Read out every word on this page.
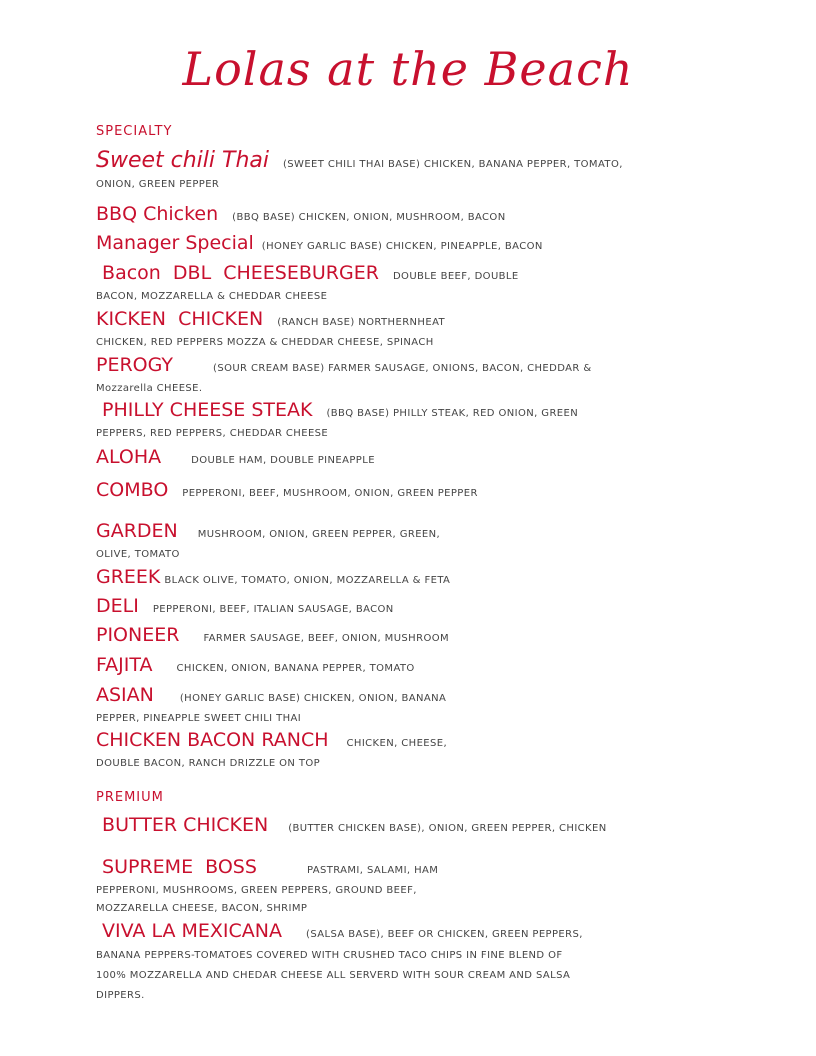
Lolas at the Beach
SPECIALTY
Sweet chili Thai (SWEET CHILI THAI BASE) CHICKEN, BANANA PEPPER, TOMATO,
ONION, GREEN PEPPER
BBQ Chicken (BBQ BASE) CHICKEN, ONION, MUSHROOM, BACON
Manager Special (HONEY GARLIC BASE) CHICKEN, PINEAPPLE, BACON
Bacon  DBL  CHEESEBURGER DOUBLE BEEF, DOUBLE
BACON, MOZZARELLA & CHEDDAR CHEESE
KICKEN  CHICKEN (RANCH BASE) NORTHERNHEAT
CHICKEN, RED PEPPERS MOZZA & CHEDDAR CHEESE, SPINACH
PEROGY	(SOUR CREAM BASE) FARMER SAUSAGE, ONIONS, BACON, CHEDDAR &
Mozzarella CHEESE.
PHILLY CHEESE STEAK (BBQ BASE) PHILLY STEAK, RED ONION, GREEN
PEPPERS, RED PEPPERS, CHEDDAR CHEESE
ALOHA	DOUBLE HAM, DOUBLE PINEAPPLE
COMBO PEPPERONI, BEEF, MUSHROOM, ONION, GREEN PEPPER
GARDEN MUSHROOM, ONION, GREEN PEPPER, GREEN,
OLIVE, TOMATO
GREEK BLACK OLIVE, TOMATO, ONION, MOZZARELLA & FETA
DELI PEPPERONI, BEEF, ITALIAN SAUSAGE, BACON
PIONEER FARMER SAUSAGE, BEEF, ONION, MUSHROOM
FAJITA CHICKEN, ONION, BANANA PEPPER, TOMATO
ASIAN	(HONEY GARLIC BASE) CHICKEN, ONION, BANANA
PEPPER, PINEAPPLE SWEET CHILI THAI
CHICKEN BACON RANCH CHICKEN, CHEESE,
DOUBLE BACON, RANCH DRIZZLE ON TOP
PREMIUM
BUTTER CHICKEN (BUTTER CHICKEN BASE), ONION, GREEN PEPPER, CHICKEN
SUPREME  BOSS	PASTRAMI, SALAMI, HAM
PEPPERONI, MUSHROOMS, GREEN PEPPERS, GROUND BEEF,
MOZZARELLA CHEESE, BACON, SHRIMP
VIVA LA MEXICANA (SALSA BASE), BEEF OR CHICKEN, GREEN PEPPERS,
BANANA PEPPERS-TOMATOES COVERED WITH CRUSHED TACO CHIPS IN FINE BLEND OF
100% MOZZARELLA AND CHEDAR CHEESE ALL SERVERD WITH SOUR CREAM AND SALSA
DIPPERS.
